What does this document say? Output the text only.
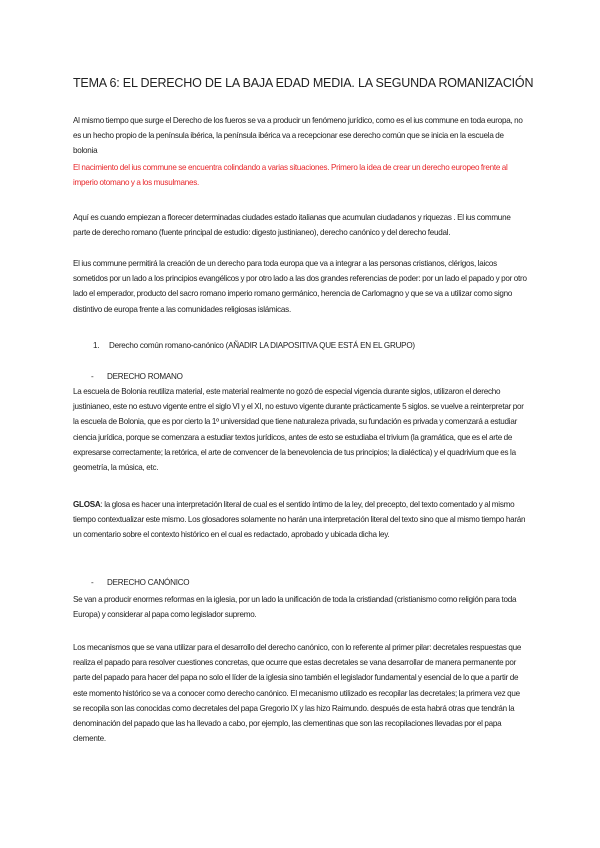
TEMA 6: EL DERECHO DE LA BAJA EDAD MEDIA. LA SEGUNDA ROMANIZACIÓN
Al mismo tiempo que surge el Derecho de los fueros se va a producir un fenómeno jurídico, como es el ius commune en toda europa, no es un hecho propio de la península ibérica, la península ibérica va a recepcionar ese derecho común que se inicia en la escuela de bolonia
El nacimiento del ius commune se encuentra colindando a varias situaciones. Primero la idea de crear un derecho europeo frente al imperio otomano y a los musulmanes.
Aquí es cuando empiezan a florecer determinadas ciudades estado italianas que acumulan ciudadanos y riquezas . El ius commune parte de derecho romano (fuente principal de estudio: digesto justinianeo), derecho canónico y del derecho feudal.
El ius commune permitirá la creación de un derecho para toda europa que va a integrar a las personas cristianos, clérigos, laicos sometidos por un lado a los principios evangélicos y por otro lado a las dos grandes referencias de poder: por un lado el papado y por otro lado el emperador, producto del sacro romano imperio romano germánico, herencia de Carlomagno y que se va a utilizar como signo distintivo de europa frente a las comunidades religiosas islámicas.
1. Derecho común romano-canónico (AÑADIR LA DIAPOSITIVA QUE ESTÁ EN EL GRUPO)
- DERECHO ROMANO
La escuela de Bolonia reutiliza material, este material realmente no gozó de especial vigencia durante siglos, utilizaron el derecho justinianeo, este no estuvo vigente entre el siglo VI y el XI, no estuvo vigente durante prácticamente 5 siglos. se vuelve a reinterpretar por la escuela de Bolonia, que es por cierto la 1º universidad que tiene naturaleza privada, su fundación es privada y comenzará a estudiar ciencia jurídica, porque se comenzara a estudiar textos jurídicos, antes de esto se estudiaba el trivium (la gramática, que es el arte de expresarse correctamente; la retórica, el arte de convencer de la benevolencia de tus principios; la dialéctica) y el quadrivium que es la geometría, la música, etc.
GLOSA: la glosa es hacer una interpretación literal de cual es el sentido íntimo de la ley, del precepto, del texto comentado y al mismo tiempo contextualizar este mismo. Los glosadores solamente no harán una interpretación literal del texto sino que al mismo tiempo harán un comentario sobre el contexto histórico en el cual es redactado, aprobado y ubicada dicha ley.
- DERECHO CANÓNICO
Se van a producir enormes reformas en la iglesia, por un lado la unificación de toda la cristiandad (cristianismo como religión para toda Europa) y considerar al papa como legislador supremo.
Los mecanismos que se vana utilizar para el desarrollo del derecho canónico, con lo referente al primer pilar: decretales respuestas que realiza el papado para resolver cuestiones concretas, que ocurre que estas decretales se vana desarrollar de manera permanente por parte del papado para hacer del papa no solo el líder de la iglesia sino también el legislador fundamental y esencial de lo que a partir de este momento histórico se va a conocer como derecho canónico. El mecanismo utilizado es recopilar las decretales; la primera vez que se recopila son las conocidas como decretales del papa Gregorio IX y las hizo Raimundo. después de esta habrá otras que tendrán la denominación del papado que las ha llevado a cabo, por ejemplo, las clementinas que son las recopilaciones llevadas por el papa clemente.
